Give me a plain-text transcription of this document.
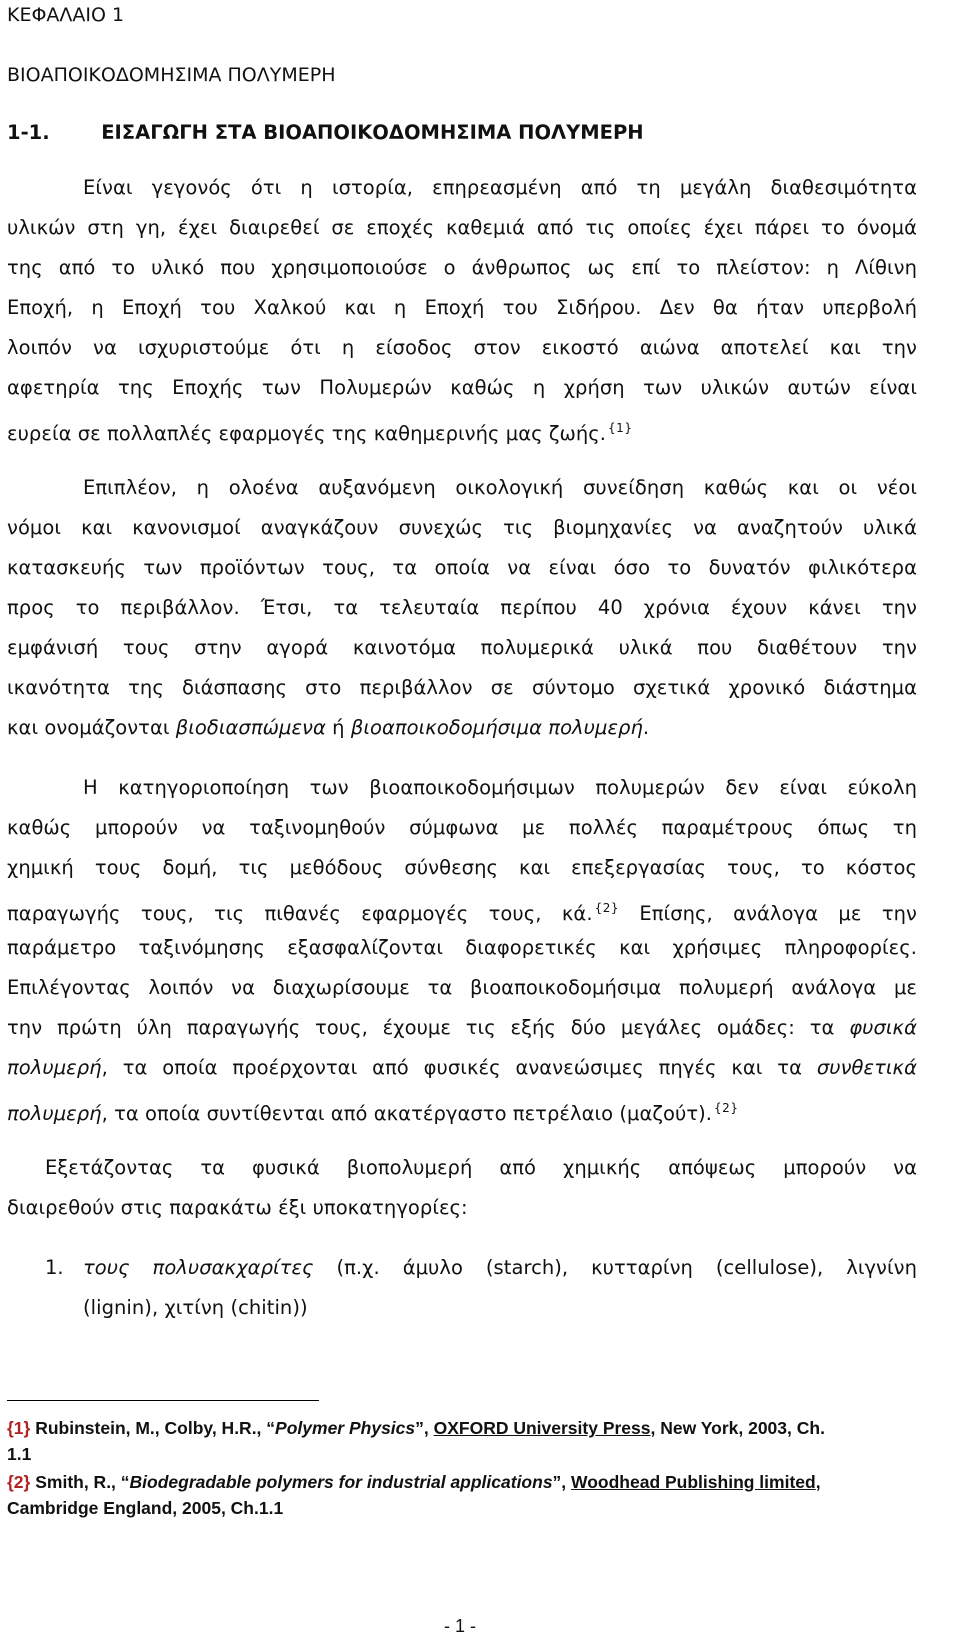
ΚΕΦΑΛΑΙΟ 1
ΒΙΟΑΠΟΙΚΟΔΟΜΗΣΙΜΑ ΠΟΛΥΜΕΡΗ
1-1.	ΕΙΣΑΓΩΓΗ ΣΤΑ ΒΙΟΑΠΟΙΚΟΔΟΜΗΣΙΜΑ ΠΟΛΥΜΕΡΗ
Είναι γεγονός ότι η ιστορία, επηρεασμένη από τη μεγάλη διαθεσιμότητα
υλικών στη γη, έχει διαιρεθεί σε εποχές καθεμιά από τις οποίες έχει πάρει το όνομά
της από το υλικό που χρησιμοποιούσε ο άνθρωπος ως επί το πλείστον: η Λίθινη
Εποχή, η Εποχή του Χαλκού και η Εποχή του Σιδήρου. Δεν θα ήταν υπερβολή
λοιπόν να ισχυριστούμε ότι η είσοδος στον εικοστό αιώνα αποτελεί και την
αφετηρία της Εποχής των Πολυμερών καθώς η χρήση των υλικών αυτών είναι
ευρεία σε πολλαπλές εφαρμογές της καθημερινής μας ζωής. $^{\{1\}}$
Επιπλέον, η ολοένα αυξανόμενη οικολογική συνείδηση καθώς και οι νέοι
νόμοι και κανονισμοί αναγκάζουν συνεχώς τις βιομηχανίες να αναζητούν υλικά
κατασκευής των προϊόντων τους, τα οποία να είναι όσο το δυνατόν φιλικότερα
προς το περιβάλλον. Έτσι, τα τελευταία περίπου 40 χρόνια έχουν κάνει την
εμφάνισή τους στην αγορά καινοτόμα πολυμερικά υλικά που διαθέτουν την
ικανότητα της διάσπασης στο περιβάλλον σε σύντομο σχετικά χρονικό διάστημα
και ονομάζονται βιοδιασπώμενα ή βιοαποικοδομήσιμα πολυμερή.
Η κατηγοριοποίηση των βιοαποικοδομήσιμων πολυμερών δεν είναι εύκολη
καθώς μπορούν να ταξινομηθούν σύμφωνα με πολλές παραμέτρους όπως τη
χημική τους δομή, τις μεθόδους σύνθεσης και επεξεργασίας τους, το κόστος
παραγωγής τους, τις πιθανές εφαρμογές τους, κά. $^{\{2\}}$ Επίσης, ανάλογα με την
παράμετρο ταξινόμησης εξασφαλίζονται διαφορετικές και χρήσιμες πληροφορίες.
Επιλέγοντας λοιπόν να διαχωρίσουμε τα βιοαποικοδομήσιμα πολυμερή ανάλογα με
την πρώτη ύλη παραγωγής τους, έχουμε τις εξής δύο μεγάλες ομάδες: τα φυσικά
πολυμερή, τα οποία προέρχονται από φυσικές ανανεώσιμες πηγές και τα συνθετικά
πολυμερή, τα οποία συντίθενται από ακατέργαστο πετρέλαιο (μαζούτ). $^{\{2\}}$
Εξετάζοντας τα φυσικά βιοπολυμερή από χημικής απόψεως μπορούν να
διαιρεθούν στις παρακάτω έξι υποκατηγορίες:
1. τους πολυσακχαρίτες (π.χ. άμυλο (starch), κυτταρίνη (cellulose), λιγνίνη
(lignin), χιτίνη (chitin))
{1} Rubinstein, M., Colby, H.R., “Polymer Physics”, OXFORD University Press, New York, 2003, Ch.
1.1
{2} Smith, R., “Biodegradable polymers for industrial applications”, Woodhead Publishing limited,
Cambridge England, 2005, Ch.1.1
- 1 -
